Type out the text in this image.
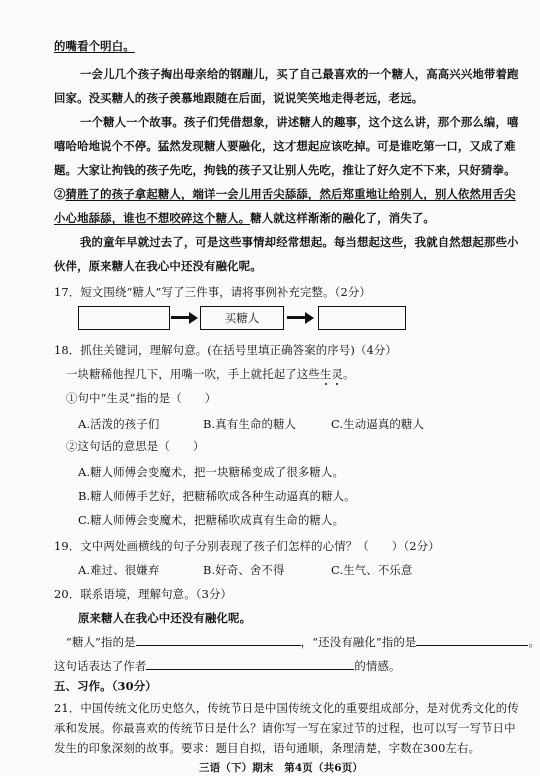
的嘴看个明白。
一会儿几个孩子掏出母亲给的钢蹦儿，买了自己最喜欢的一个糖人，高高兴兴地带着跑
回家。没买糖人的孩子羡慕地跟随在后面，说说笑笑地走得老远，老远。
一个糖人一个故事。孩子们凭借想象，讲述糖人的趣事，这个这么讲，那个那么编，嘻
嘻哈哈地说个不停。猛然发现糖人要融化，这才想起应该吃掉。可是谁吃第一口，又成了难
题。大家让拘钱的孩子先吃，拘钱的孩子又让别人先吃，推让了好久定不下来，只好猜拳。
②猜胜了的孩子拿起糖人，端详一会儿用舌尖舔舔，然后郑重地让给别人，别人依然用舌尖
小心地舔舔，谁也不想咬碎这个糖人。糖人就这样渐渐的融化了，消失了。
我的童年早就过去了，可是这些事情却经常想起。每当想起这些，我就自然想起那些小
伙伴，原来糖人在我心中还没有融化呢。
17．短文围绕“糖人”写了三件事，请将事例补充完整。（2分）
买糖人
18．抓住关键词，理解句意。(在括号里填正确答案的序号)（4分）
一块糖稀他捏几下，用嘴一吹，手上就托起了这些生灵。
①句中“生灵”指的是（　　）
A.活泼的孩子们	B.真有生命的糖人	C.生动逼真的糖人
②这句话的意思是（　　）
A.糖人师傅会变魔术，把一块糖稀变成了很多糖人。
B.糖人师傅手艺好，把糖稀吹成各种生动逼真的糖人。
C.糖人师傅会变魔术，把糖稀吹成真有生命的糖人。
19．文中两处画横线的句子分别表现了孩子们怎样的心情？（　　）（2分）
A.难过、很嫌弃	B.好奇、舍不得	C.生气、不乐意
20．联系语境，理解句意。（3分）
原来糖人在我心中还没有融化呢。
“糖人”指的是	，“还没有融化”指的是	。
这句话表达了作者	的情感。
五、习作。（30分）
21．中国传统文化历史悠久，传统节日是中国传统文化的重要组成部分，是对优秀文化的传
承和发展。你最喜欢的传统节日是什么？请你写一写在家过节的过程，也可以写一写节日中
发生的印象深刻的故事。要求：题目自拟，语句通顺，条理清楚，字数在300左右。
三语（下）期末　第4页（共6页）
